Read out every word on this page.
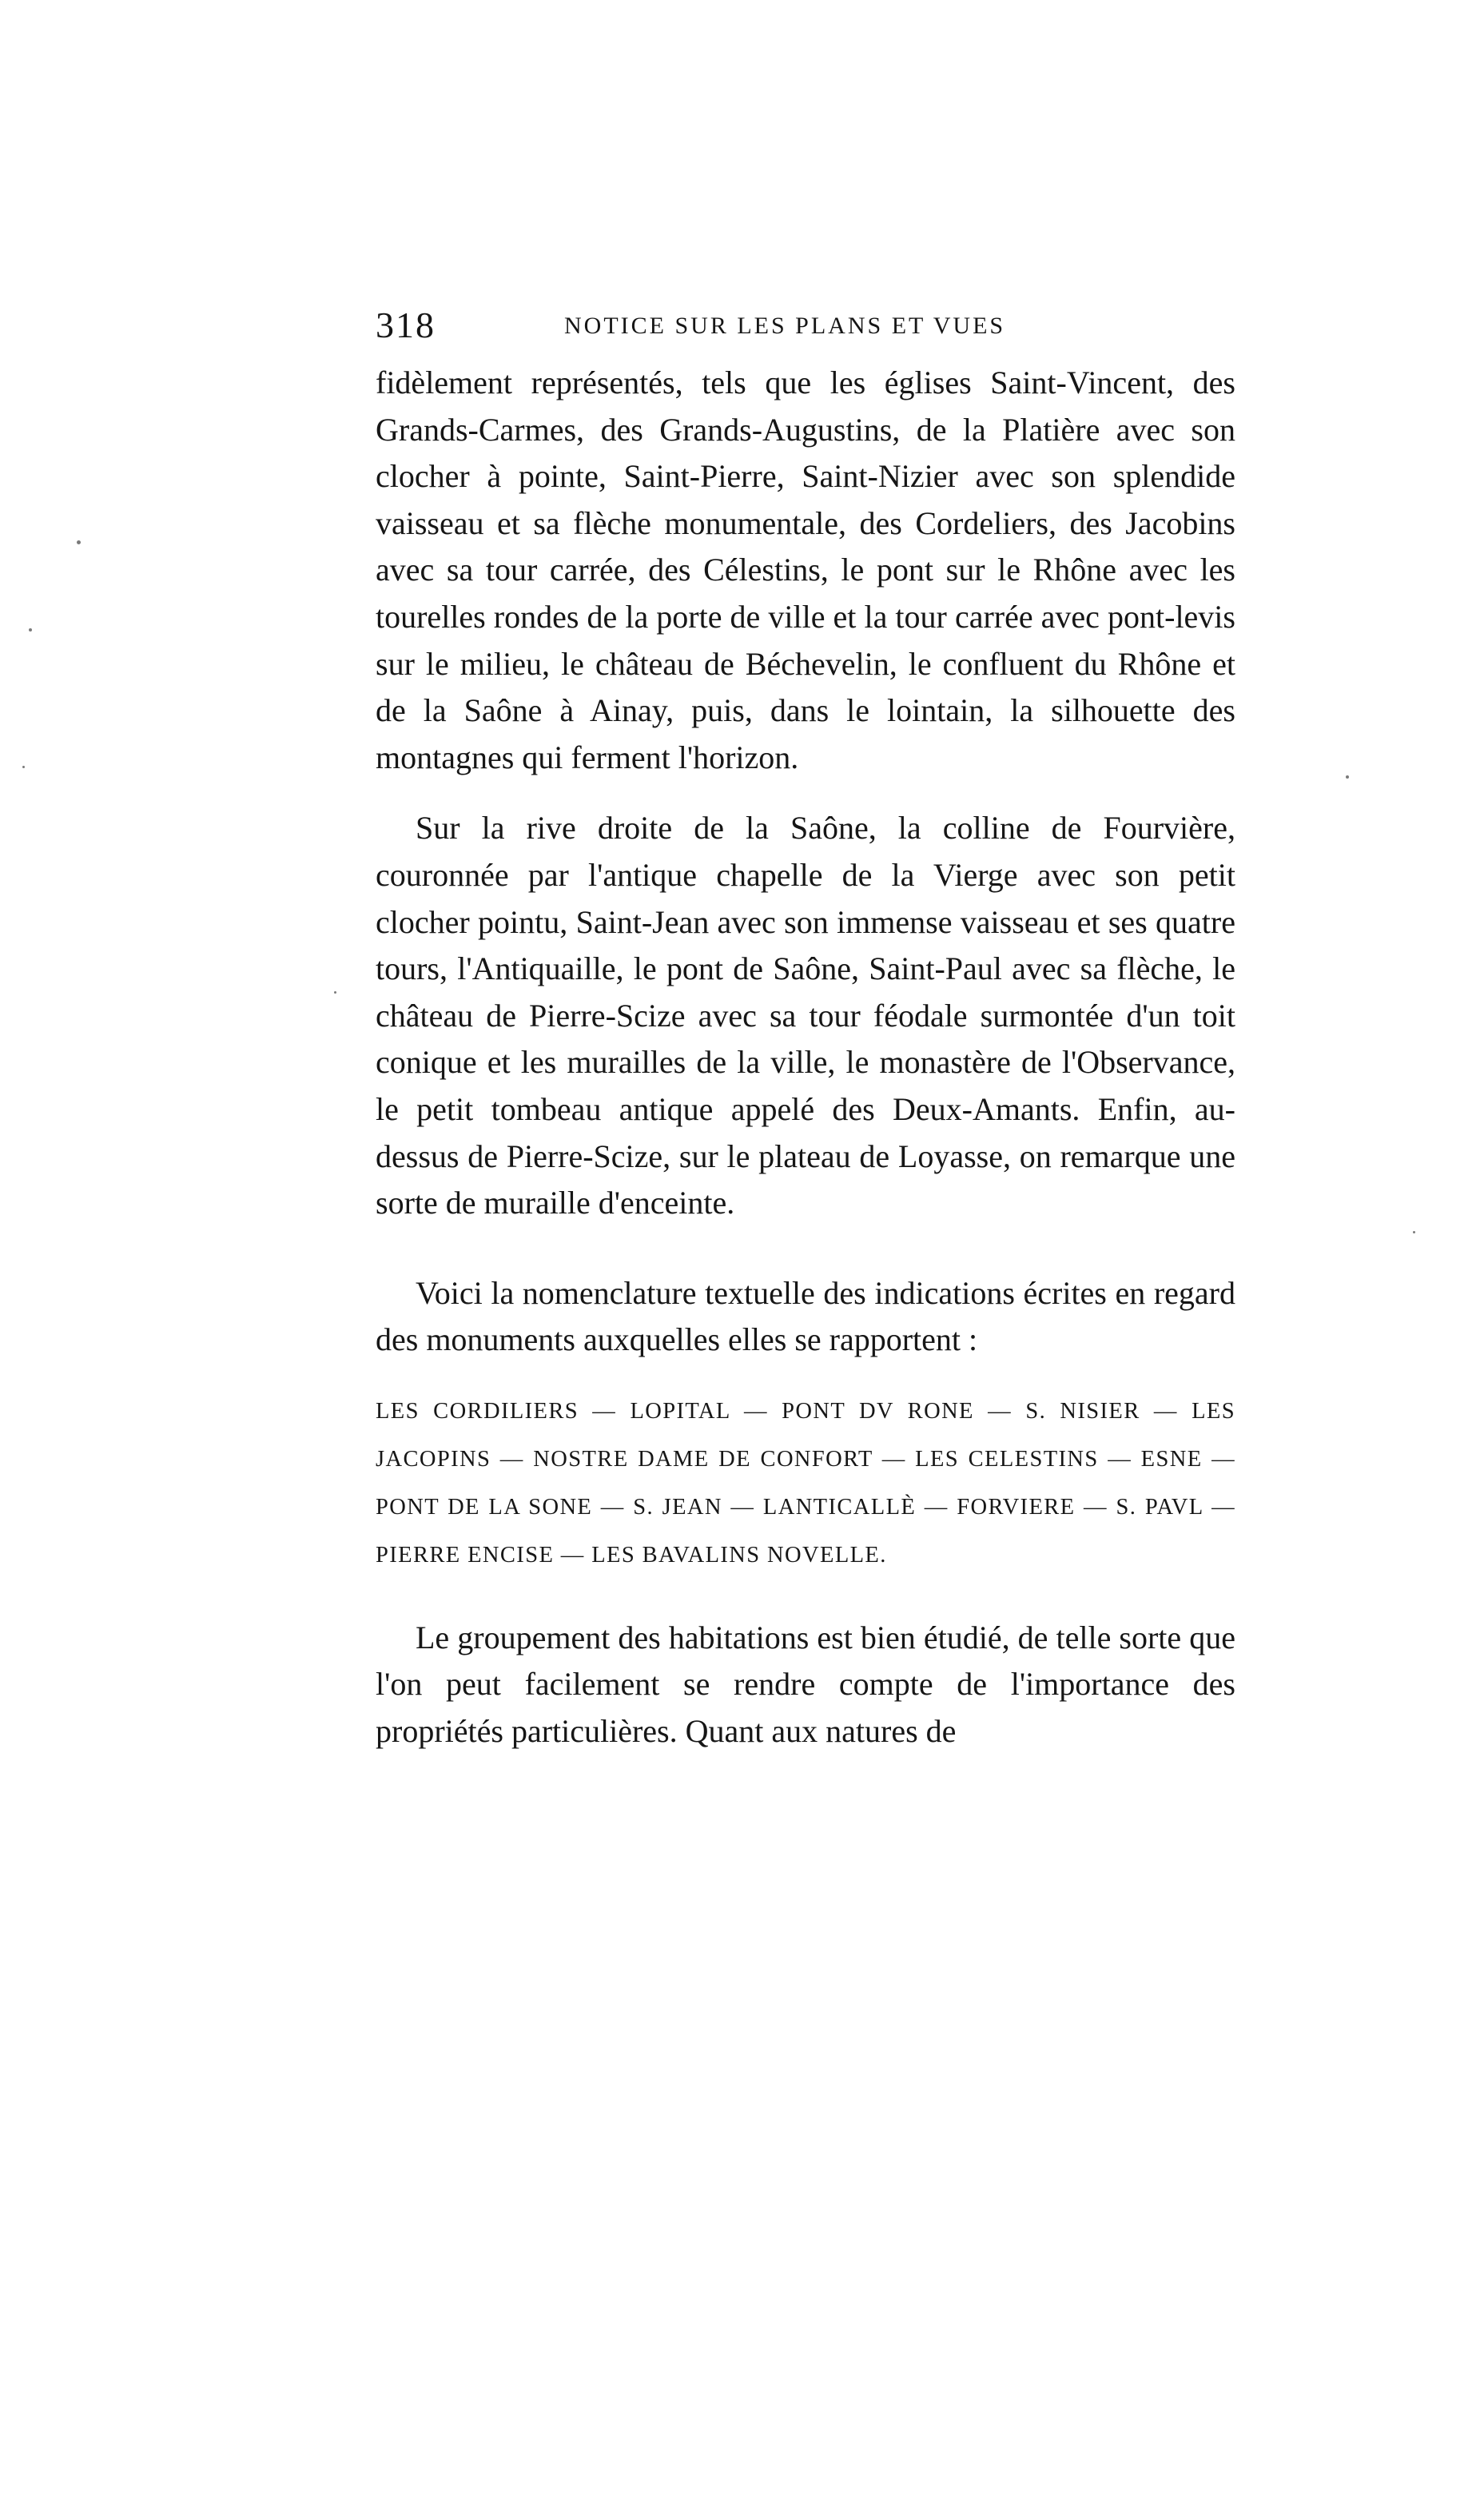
318	NOTICE SUR LES PLANS ET VUES

fidèlement représentés, tels que les églises Saint-Vincent, des Grands-Carmes, des Grands-Augustins, de la Platière avec son clocher à pointe, Saint-Pierre, Saint-Nizier avec son splendide vaisseau et sa flèche monumentale, des Cordeliers, des Jacobins avec sa tour carrée, des Célestins, le pont sur le Rhône avec les tourelles rondes de la porte de ville et la tour carrée avec pont-levis sur le milieu, le château de Béchevelin, le confluent du Rhône et de la Saône à Ainay, puis, dans le lointain, la silhouette des montagnes qui ferment l'horizon.

Sur la rive droite de la Saône, la colline de Fourvière, couronnée par l'antique chapelle de la Vierge avec son petit clocher pointu, Saint-Jean avec son immense vaisseau et ses quatre tours, l'Antiquaille, le pont de Saône, Saint-Paul avec sa flèche, le château de Pierre-Scize avec sa tour féodale surmontée d'un toit conique et les murailles de la ville, le monastère de l'Observance, le petit tombeau antique appelé des Deux-Amants. Enfin, au-dessus de Pierre-Scize, sur le plateau de Loyasse, on remarque une sorte de muraille d'enceinte.

Voici la nomenclature textuelle des indications écrites en regard des monuments auxquelles elles se rapportent :

LES CORDILIERS — LOPITAL — PONT DV RONE — S. NISIER — LES JACOPINS — NOSTRE DAME DE CONFORT — LES CELESTINS — ESNE — PONT DE LA SONE — S. JEAN — LANTICALLÈ — FORVIERE — S. PAVL — PIERRE ENCISE — LES BAVALINS NOVELLE.

Le groupement des habitations est bien étudié, de telle sorte que l'on peut facilement se rendre compte de l'importance des propriétés particulières. Quant aux natures de
